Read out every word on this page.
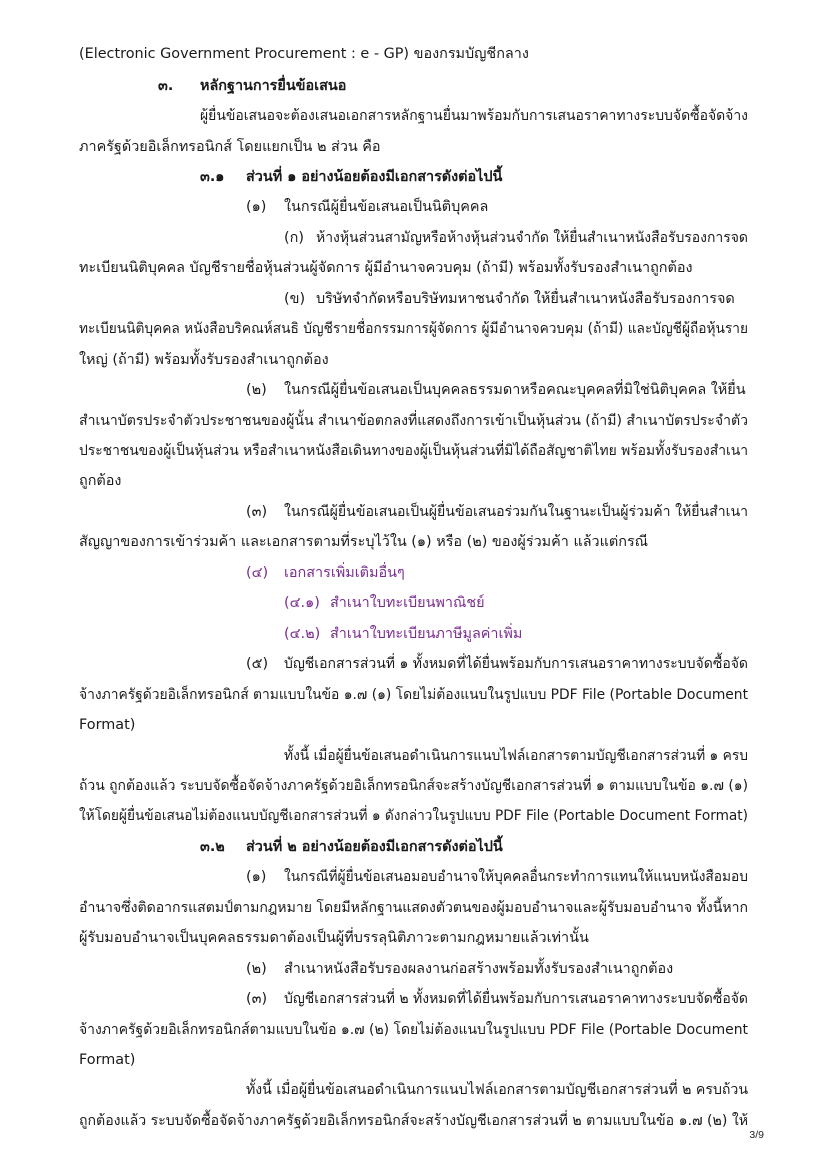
(Electronic Government Procurement : e - GP) ของกรมบัญชีกลาง
๓. หลักฐานการยื่นข้อเสนอ
ผู้ยื่นข้อเสนอจะต้องเสนอเอกสารหลักฐานยื่นมาพร้อมกับการเสนอราคาทางระบบจัดซื้อจัดจ้าง
ภาครัฐด้วยอิเล็กทรอนิกส์ โดยแยกเป็น ๒ ส่วน คือ
๓.๑ ส่วนที่ ๑ อย่างน้อยต้องมีเอกสารดังต่อไปนี้
(๑) ในกรณีผู้ยื่นข้อเสนอเป็นนิติบุคคล
(ก) ห้างหุ้นส่วนสามัญหรือห้างหุ้นส่วนจำกัด ให้ยื่นสำเนาหนังสือรับรองการจด
ทะเบียนนิติบุคคล บัญชีรายชื่อหุ้นส่วนผู้จัดการ ผู้มีอำนาจควบคุม (ถ้ามี) พร้อมทั้งรับรองสำเนาถูกต้อง
(ข) บริษัทจำกัดหรือบริษัทมหาชนจำกัด ให้ยื่นสำเนาหนังสือรับรองการจด
ทะเบียนนิติบุคคล หนังสือบริคณห์สนธิ บัญชีรายชื่อกรรมการผู้จัดการ ผู้มีอำนาจควบคุม (ถ้ามี) และบัญชีผู้ถือหุ้นราย
ใหญ่ (ถ้ามี) พร้อมทั้งรับรองสำเนาถูกต้อง
(๒) ในกรณีผู้ยื่นข้อเสนอเป็นบุคคลธรรมดาหรือคณะบุคคลที่มิใช่นิติบุคคล ให้ยื่น
สำเนาบัตรประจำตัวประชาชนของผู้นั้น สำเนาข้อตกลงที่แสดงถึงการเข้าเป็นหุ้นส่วน (ถ้ามี) สำเนาบัตรประจำตัว
ประชาชนของผู้เป็นหุ้นส่วน หรือสำเนาหนังสือเดินทางของผู้เป็นหุ้นส่วนที่มิได้ถือสัญชาติไทย พร้อมทั้งรับรองสำเนา
ถูกต้อง
(๓) ในกรณีผู้ยื่นข้อเสนอเป็นผู้ยื่นข้อเสนอร่วมกันในฐานะเป็นผู้ร่วมค้า ให้ยื่นสำเนา
สัญญาของการเข้าร่วมค้า และเอกสารตามที่ระบุไว้ใน (๑) หรือ (๒) ของผู้ร่วมค้า แล้วแต่กรณี
(๔) เอกสารเพิ่มเติมอื่นๆ
(๔.๑) สำเนาใบทะเบียนพาณิชย์
(๔.๒) สำเนาใบทะเบียนภาษีมูลค่าเพิ่ม
(๕) บัญชีเอกสารส่วนที่ ๑ ทั้งหมดที่ได้ยื่นพร้อมกับการเสนอราคาทางระบบจัดซื้อจัด
จ้างภาครัฐด้วยอิเล็กทรอนิกส์ ตามแบบในข้อ ๑.๗ (๑) โดยไม่ต้องแนบในรูปแบบ PDF File (Portable Document
Format)
ทั้งนี้ เมื่อผู้ยื่นข้อเสนอดำเนินการแนบไฟล์เอกสารตามบัญชีเอกสารส่วนที่ ๑ ครบ
ถ้วน ถูกต้องแล้ว ระบบจัดซื้อจัดจ้างภาครัฐด้วยอิเล็กทรอนิกส์จะสร้างบัญชีเอกสารส่วนที่ ๑ ตามแบบในข้อ ๑.๗ (๑)
ให้โดยผู้ยื่นข้อเสนอไม่ต้องแนบบัญชีเอกสารส่วนที่ ๑ ดังกล่าวในรูปแบบ PDF File (Portable Document Format)
๓.๒ ส่วนที่ ๒ อย่างน้อยต้องมีเอกสารดังต่อไปนี้
(๑) ในกรณีที่ผู้ยื่นข้อเสนอมอบอำนาจให้บุคคลอื่นกระทำการแทนให้แนบหนังสือมอบ
อำนาจซึ่งติดอากรแสตมป์ตามกฎหมาย โดยมีหลักฐานแสดงตัวตนของผู้มอบอำนาจและผู้รับมอบอำนาจ ทั้งนี้หาก
ผู้รับมอบอำนาจเป็นบุคคลธรรมดาต้องเป็นผู้ที่บรรลุนิติภาวะตามกฎหมายแล้วเท่านั้น
(๒) สำเนาหนังสือรับรองผลงานก่อสร้างพร้อมทั้งรับรองสำเนาถูกต้อง
(๓) บัญชีเอกสารส่วนที่ ๒ ทั้งหมดที่ได้ยื่นพร้อมกับการเสนอราคาทางระบบจัดซื้อจัด
จ้างภาครัฐด้วยอิเล็กทรอนิกส์ตามแบบในข้อ ๑.๗ (๒) โดยไม่ต้องแนบในรูปแบบ PDF File (Portable Document
Format)
ทั้งนี้ เมื่อผู้ยื่นข้อเสนอดำเนินการแนบไฟล์เอกสารตามบัญชีเอกสารส่วนที่ ๒ ครบถ้วน
ถูกต้องแล้ว ระบบจัดซื้อจัดจ้างภาครัฐด้วยอิเล็กทรอนิกส์จะสร้างบัญชีเอกสารส่วนที่ ๒ ตามแบบในข้อ ๑.๗ (๒) ให้
3/9
